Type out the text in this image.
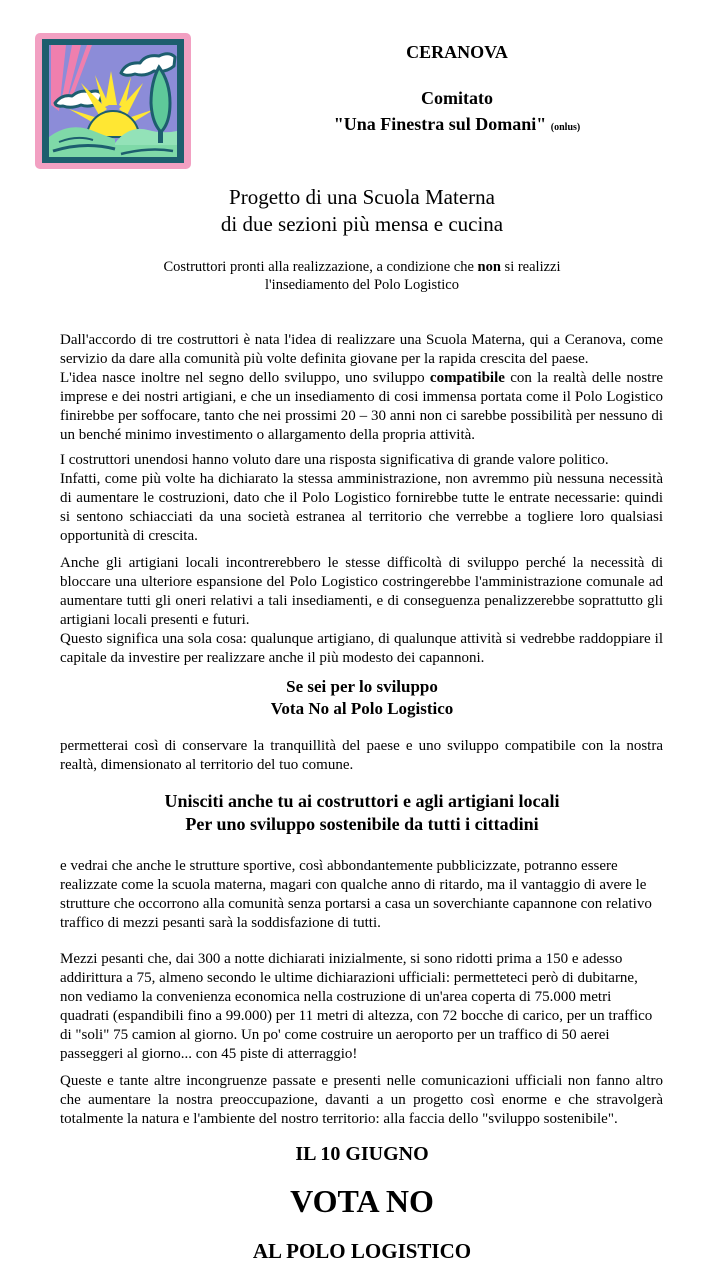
CERANOVA
Comitato
"Una Finestra sul Domani" (onlus)
Progetto di una Scuola Materna
di due sezioni più mensa e cucina
Costruttori pronti alla realizzazione, a condizione che non si realizzi
l'insediamento del Polo Logistico

Dall'accordo di tre costruttori è nata l'idea di realizzare una Scuola Materna, qui a Ceranova, come servizio da dare alla comunità più volte definita giovane per la rapida crescita del paese.

L'idea nasce inoltre nel segno dello sviluppo, uno sviluppo compatibile con la realtà delle nostre imprese e dei nostri artigiani, e che un insediamento di cosi immensa portata come il Polo Logistico finirebbe per soffocare, tanto che nei prossimi 20 – 30 anni non ci sarebbe possibilità per nessuno di un benché minimo investimento o allargamento della propria attività.

I costruttori unendosi hanno voluto dare una risposta significativa di grande valore politico.

Infatti, come più volte ha dichiarato la stessa amministrazione, non avremmo più nessuna necessità di aumentare le costruzioni, dato che il Polo Logistico fornirebbe tutte le entrate necessarie: quindi si sentono schiacciati da una società estranea al territorio che verrebbe a togliere loro qualsiasi opportunità di crescita.

Anche gli artigiani locali incontrerebbero le stesse difficoltà di sviluppo perché la necessità di bloccare una ulteriore espansione del Polo Logistico costringerebbe l'amministrazione comunale ad aumentare tutti gli oneri relativi a tali insediamenti, e di conseguenza penalizzerebbe soprattutto gli artigiani locali presenti e futuri.

Questo significa una sola cosa: qualunque artigiano, di qualunque attività si vedrebbe raddoppiare il capitale da investire per realizzare anche il più modesto dei capannoni.

Se sei per lo sviluppo
Vota No al Polo Logistico

permetterai così di conservare la tranquillità del paese e uno sviluppo compatibile con la nostra realtà, dimensionato al territorio del tuo comune.

Unisciti anche tu ai costruttori e agli artigiani locali
Per uno sviluppo sostenibile da tutti i cittadini

e vedrai che anche le strutture sportive, così abbondantemente pubblicizzate, potranno essere realizzate come la scuola materna, magari con qualche anno di ritardo, ma il vantaggio di avere le strutture che occorrono alla comunità senza portarsi a casa un soverchiante capannone con relativo traffico di mezzi pesanti sarà la soddisfazione di tutti.

Mezzi pesanti che, dai 300 a notte dichiarati inizialmente, si sono ridotti prima a 150 e adesso addirittura a 75, almeno secondo le ultime dichiarazioni ufficiali: permetteteci però di dubitarne, non vediamo la convenienza economica nella costruzione di un'area coperta di 75.000 metri quadrati (espandibili fino a 99.000) per 11 metri di altezza, con 72 bocche di carico, per un traffico di "soli" 75 camion al giorno. Un po' come costruire un aeroporto per un traffico di 50 aerei passeggeri al giorno... con 45 piste di atterraggio!

Queste e tante altre incongruenze passate e presenti nelle comunicazioni ufficiali non fanno altro che aumentare la nostra preoccupazione, davanti a un progetto così enorme e che stravolgerà totalmente la natura e l'ambiente del nostro territorio: alla faccia dello "sviluppo sostenibile".

IL 10 GIUGNO
VOTA NO
AL POLO LOGISTICO
